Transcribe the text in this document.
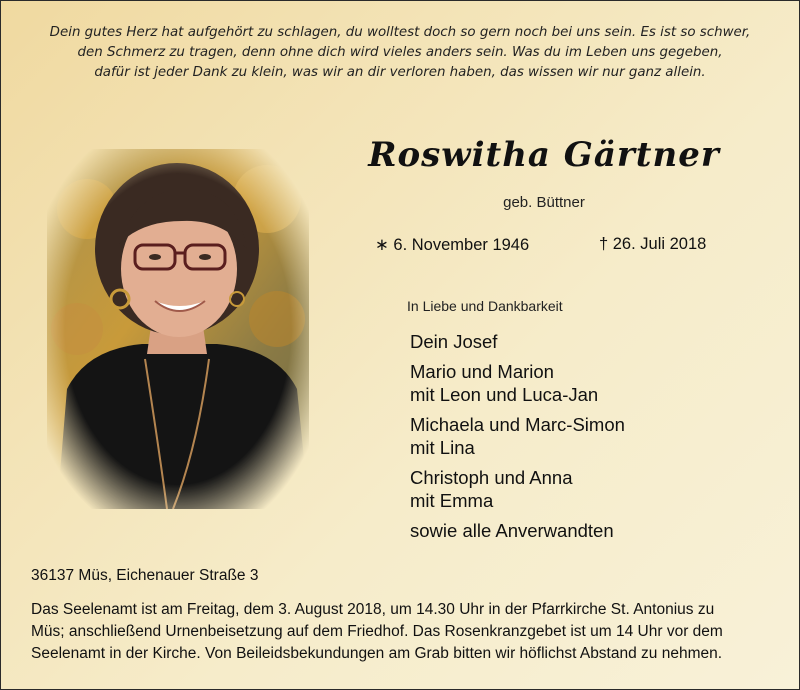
Dein gutes Herz hat aufgehört zu schlagen, du wolltest doch so gern noch bei uns sein. Es ist so schwer,
den Schmerz zu tragen, denn ohne dich wird vieles anders sein. Was du im Leben uns gegeben,
dafür ist jeder Dank zu klein, was wir an dir verloren haben, das wissen wir nur ganz allein.
Roswitha Gärtner
geb. Büttner
∗ 6. November 1946	† 26. Juli 2018
In Liebe und Dankbarkeit
Dein Josef
Mario und Marion
mit Leon und Luca-Jan
Michaela und Marc-Simon
mit Lina
Christoph und Anna
mit Emma
sowie alle Anverwandten
36137 Müs, Eichenauer Straße 3
Das Seelenamt ist am Freitag, dem 3. August 2018, um 14.30 Uhr in der Pfarrkirche St. Antonius zu
Müs; anschließend Urnenbeisetzung auf dem Friedhof. Das Rosenkranzgebet ist um 14 Uhr vor dem
Seelenamt in der Kirche. Von Beileidsbekundungen am Grab bitten wir höflichst Abstand zu nehmen.
